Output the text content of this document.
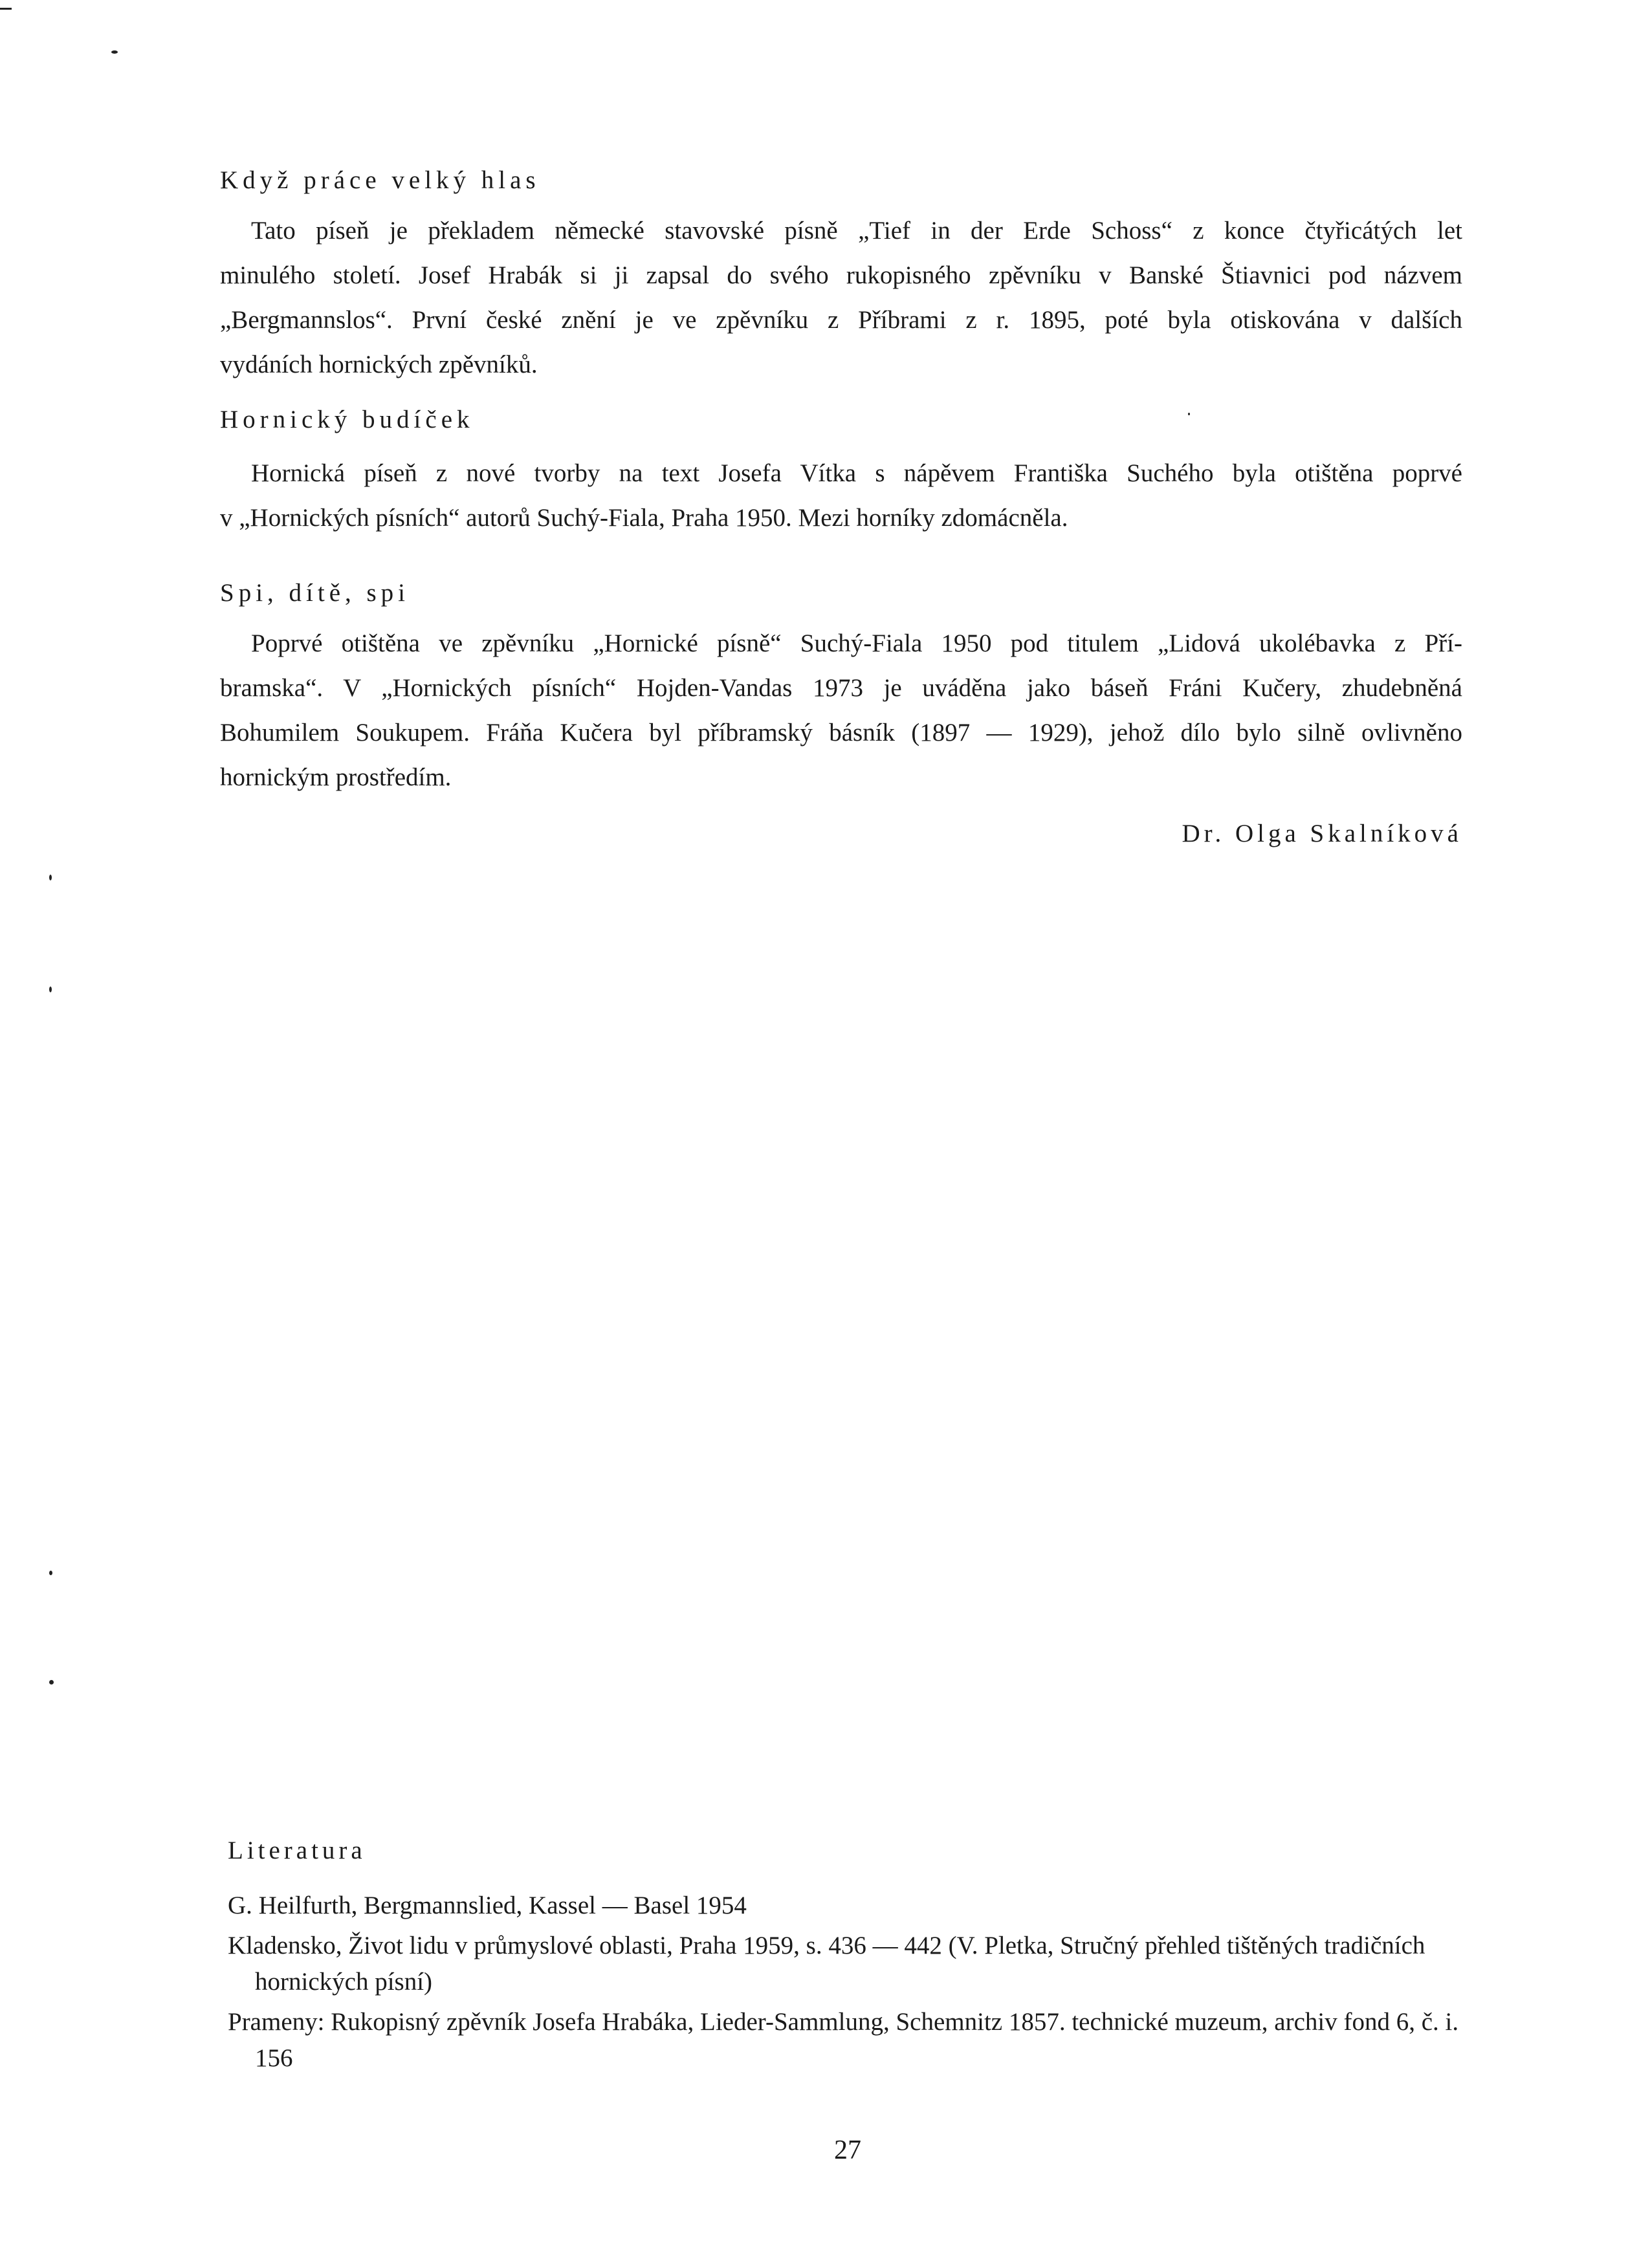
Když práce velký hlas
Tato píseň je překladem německé stavovské písně „Tief in der Erde Schoss“ z konce čtyřicátých let
minulého století. Josef Hrabák si ji zapsal do svého rukopisného zpěvníku v Banské Štiavnici pod názvem
„Bergmannslos“. První české znění je ve zpěvníku z Příbrami z r. 1895, poté byla otiskována v dalších
vydáních hornických zpěvníků.
Hornický budíček
Hornická píseň z nové tvorby na text Josefa Vítka s nápěvem Františka Suchého byla otištěna poprvé
v „Hornických písních“ autorů Suchý-Fiala, Praha 1950. Mezi horníky zdomácněla.
Spi, dítě, spi
Poprvé otištěna ve zpěvníku „Hornické písně“ Suchý-Fiala 1950 pod titulem „Lidová ukolébavka z Pří-
bramska“. V „Hornických písních“ Hojden-Vandas 1973 je uváděna jako báseň Fráni Kučery, zhudebněná
Bohumilem Soukupem. Fráňa Kučera byl příbramský básník (1897 — 1929), jehož dílo bylo silně ovlivněno
hornickým prostředím.

Dr. Olga Skalníková

Literatura
G. Heilfurth, Bergmannslied, Kassel — Basel 1954
Kladensko, Život lidu v průmyslové oblasti, Praha 1959, s. 436 — 442 (V. Pletka, Stručný přehled tištěných tradičních hornických písní)
Prameny: Rukopisný zpěvník Josefa Hrabáka, Lieder-Sammlung, Schemnitz 1857. technické muzeum, archiv fond 6, č. i. 156

27
